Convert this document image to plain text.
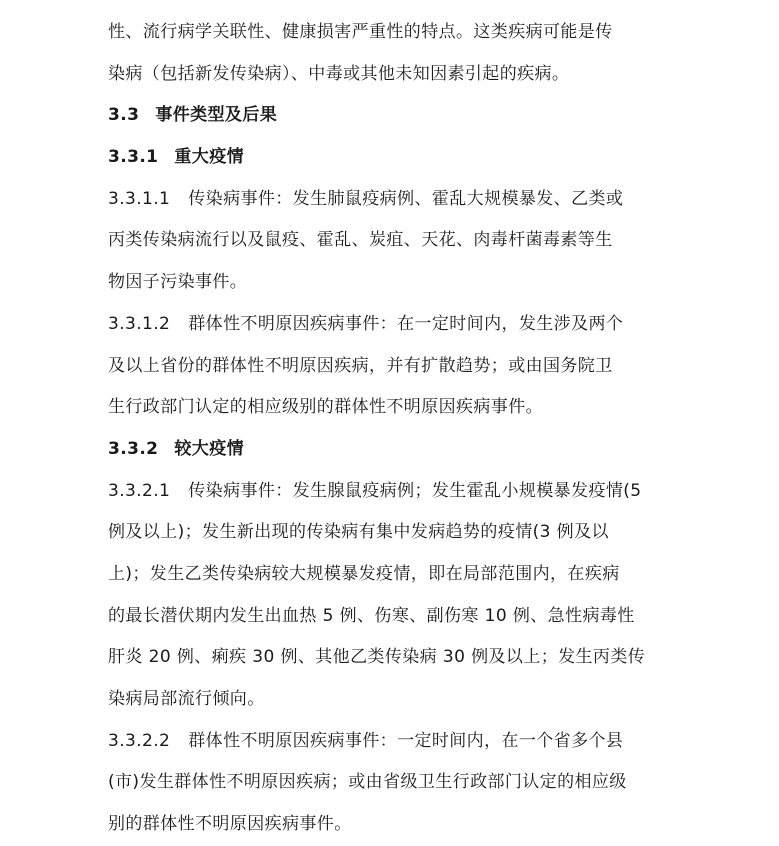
性、流行病学关联性、健康损害严重性的特点。这类疾病可能是传
染病（包括新发传染病）、中毒或其他未知因素引起的疾病。
3.3 事件类型及后果
3.3.1 重大疫情
3.3.1.1 传染病事件：发生肺鼠疫病例、霍乱大规模暴发、乙类或
丙类传染病流行以及鼠疫、霍乱、炭疽、天花、肉毒杆菌毒素等生
物因子污染事件。
3.3.1.2 群体性不明原因疾病事件：在一定时间内，发生涉及两个
及以上省份的群体性不明原因疾病，并有扩散趋势；或由国务院卫
生行政部门认定的相应级别的群体性不明原因疾病事件。
3.3.2 较大疫情
3.3.2.1 传染病事件：发生腺鼠疫病例；发生霍乱小规模暴发疫情(5
例及以上)；发生新出现的传染病有集中发病趋势的疫情(3 例及以
上)；发生乙类传染病较大规模暴发疫情，即在局部范围内，在疾病
的最长潜伏期内发生出血热 5 例、伤寒、副伤寒 10 例、急性病毒性
肝炎 20 例、痢疾 30 例、其他乙类传染病 30 例及以上；发生丙类传
染病局部流行倾向。
3.3.2.2 群体性不明原因疾病事件：一定时间内，在一个省多个县
(市)发生群体性不明原因疾病；或由省级卫生行政部门认定的相应级
别的群体性不明原因疾病事件。
